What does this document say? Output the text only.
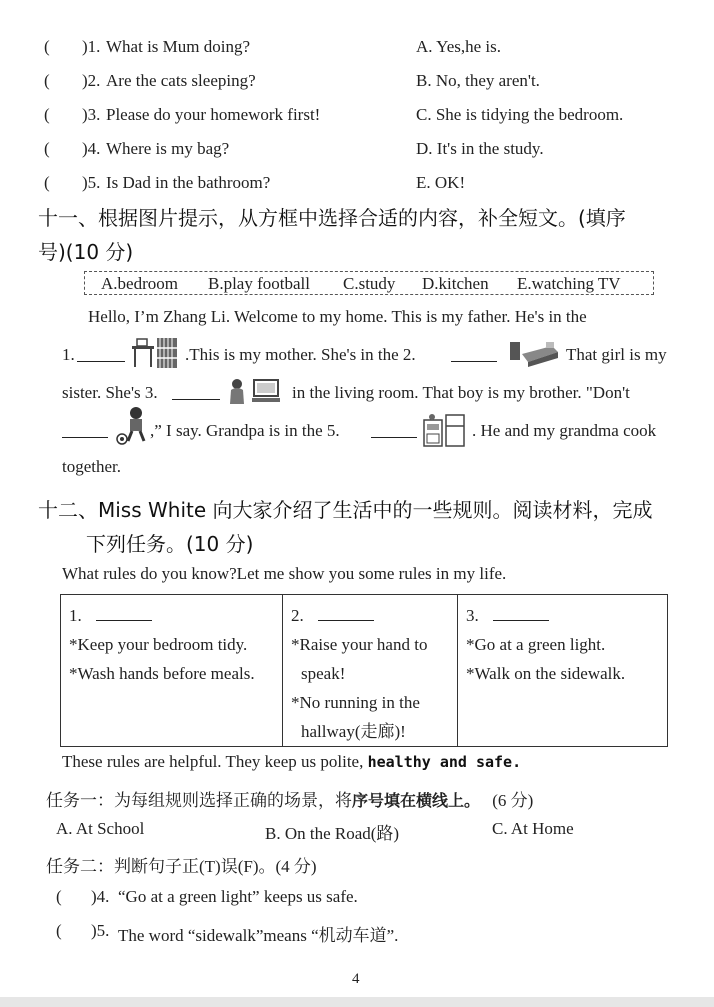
( )1. What is Mum doing?	A. Yes,he is.
( )2. Are the cats sleeping?	B. No, they aren't.
( )3. Please do your homework first!	C. She is tidying the bedroom.
( )4. Where is my bag?	D. It's in the study.
( )5. Is Dad in the bathroom?	E. OK!
十一、根据图片提示，从方框中选择合适的内容，补全短文。(填序
号)(10 分)
A.bedroom B.play football C.study D.kitchen E.watching TV
Hello, I’m Zhang Li. Welcome to my home. This is my father. He's in the
1.	.This is my mother. She's in the 2.	That girl is my
sister. She's 3.	in the living room. That boy is my brother. "Don't
,” I say. Grandpa is in the 5.	. He and my grandma cook
together.
十二、Miss White 向大家介绍了生活中的一些规则。阅读材料，完成
下列任务。(10 分)
What rules do you know?Let me show you some rules in my life.
1.
*Keep your bedroom tidy.
*Wash hands before meals.

2.
*Raise your hand to speak!
*No running in the hallway(走廊)!

3.
*Go at a green light.
*Walk on the sidewalk.
These rules are helpful. They keep us polite, healthy and safe.
任务一：为每组规则选择正确的场景，将序号填在横线上。 (6 分)
A. At School	B. On the Road(路)	C. At Home
任务二：判断句子正(T)误(F)。(4 分)
( )4. “Go at a green light” keeps us safe.
( )5. The word “sidewalk”means “机动车道”.
4
